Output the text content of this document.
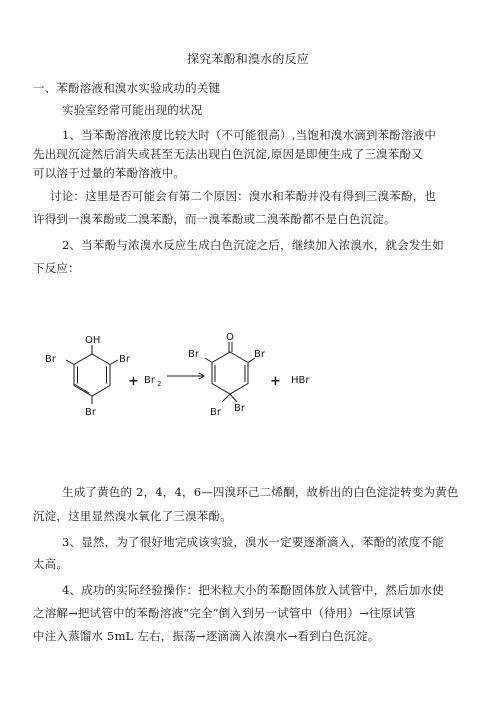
探究苯酚和溴水的反应

一、苯酚溶液和溴水实验成功的关键

实验室经常可能出现的状况

1、当苯酚溶液浓度比较大时（不可能很高）,当饱和溴水滴到苯酚溶液中

先出现沉淀然后消失或甚至无法出现白色沉淀,原因是即便生成了三溴苯酚又

可以溶于过量的苯酚溶液中。

讨论：这里是否可能会有第二个原因：溴水和苯酚并没有得到三溴苯酚，也

许得到一溴苯酚或二溴苯酚，而一溴苯酚或二溴苯酚都不是白色沉淀。

2、当苯酚与浓溴水反应生成白色沉淀之后，继续加入浓溴水，就会发生如

下反应：

OH
Br
Br
Br
+ Br 2
O
Br
Br
Br Br
+ HBr

生成了黄色的 2，4，4，6—四溴环己二烯酮，故析出的白色淀淀转变为黄色

沉淀，这里显然溴水氧化了三溴苯酚。

3、显然，为了很好地完成该实验，溴水一定要逐渐滴入，苯酚的浓度不能

太高。

4、成功的实际经验操作：把米粒大小的苯酚固体放入试管中，然后加水使

之溶解→把试管中的苯酚溶液“完全”倒入到另一试管中（待用）→往原试管

中注入蒸馏水 5mL 左右，振荡→逐滴滴入浓溴水→看到白色沉淀。
